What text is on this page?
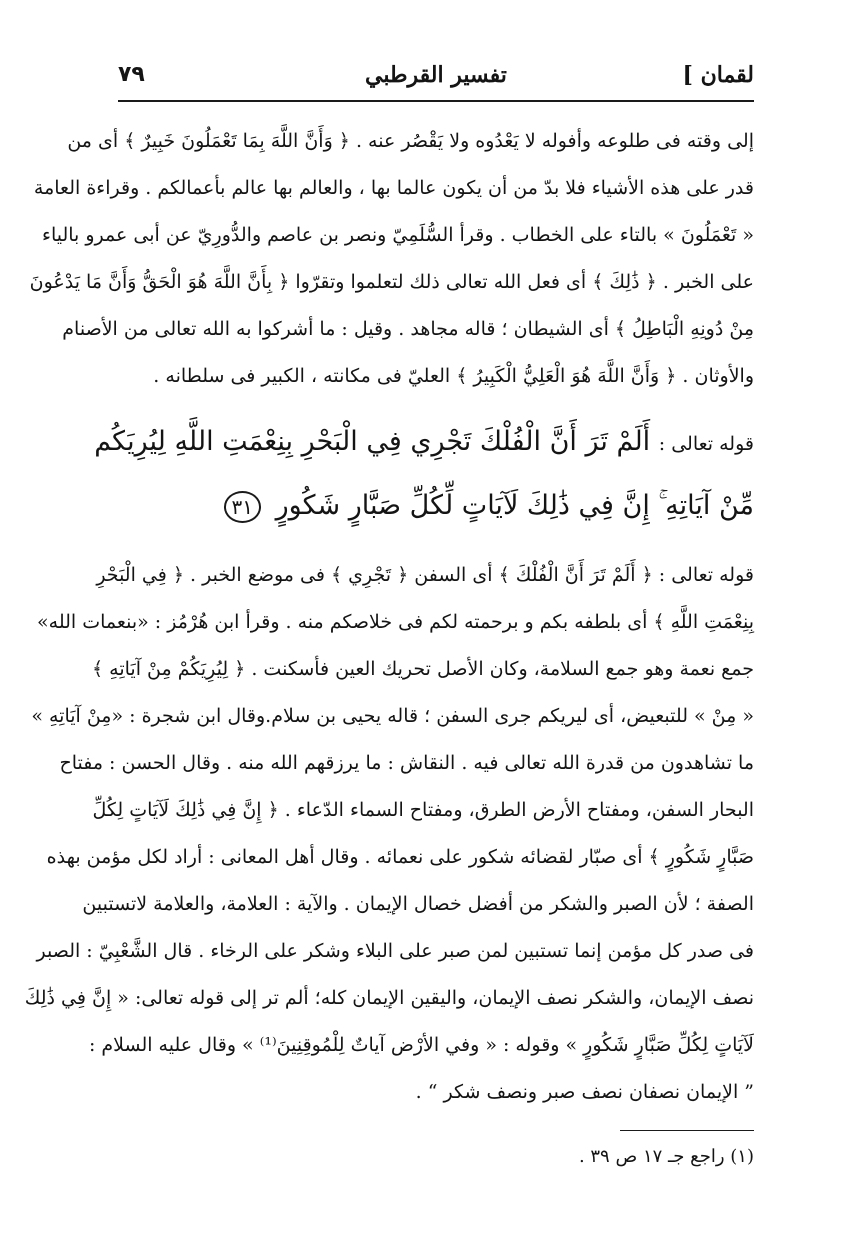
لقمان ]
تفسير القرطبي
٧٩
إلى وقته فى طلوعه وأفوله لا يَعْدُوه ولا يَقْصُر عنه . ﴿ وَأَنَّ اللَّهَ بِمَا تَعْمَلُونَ خَبِيرٌ ﴾ أى من
قدر على هذه الأشياء فلا بدّ من أن يكون عالما بها ، والعالم بها عالم بأعمالكم . وقراءة العامة
« تَعْمَلُونَ » بالتاء على الخطاب . وقرأ السُّلَمِيّ ونصر بن عاصم والدُّورِيّ عن أبى عمرو بالياء
على الخبر . ﴿ ذَٰلِكَ ﴾ أى فعل الله تعالى ذلك لتعلموا وتقرّوا ﴿ بِأَنَّ اللَّهَ هُوَ الْحَقُّ وَأَنَّ مَا يَدْعُونَ
مِنْ دُونِهِ الْبَاطِلُ ﴾ أى الشيطان ؛ قاله مجاهد . وقيل : ما أشركوا به الله تعالى من الأصنام
والأوثان . ﴿ وَأَنَّ اللَّهَ هُوَ الْعَلِيُّ الْكَبِيرُ ﴾ العليّ فى مكانته ، الكبير فى سلطانه .
قوله تعالى : أَلَمْ تَرَ أَنَّ الْفُلْكَ تَجْرِي فِي الْبَحْرِ بِنِعْمَتِ اللَّهِ لِيُرِيَكُم
مِّنْ آيَاتِهِ ۚ إِنَّ فِي ذَٰلِكَ لَآيَاتٍ لِّكُلِّ صَبَّارٍ شَكُورٍ ٣١
قوله تعالى : ﴿ أَلَمْ تَرَ أَنَّ الْفُلْكَ ﴾ أى السفن ﴿ تَجْرِي ﴾ فى موضع الخبر . ﴿ فِي الْبَحْرِ
بِنِعْمَتِ اللَّهِ ﴾ أى بلطفه بكم و برحمته لكم فى خلاصكم منه . وقرأ ابن هُرْمُز : «بنعمات الله»
جمع نعمة وهو جمع السلامة، وكان الأصل تحريك العين فأسكنت . ﴿ لِيُرِيَكُمْ مِنْ آيَاتِهِ ﴾
« مِنْ » للتبعيض، أى ليريكم جرى السفن ؛ قاله يحيى بن سلام.وقال ابن شجرة : «مِنْ آيَاتِهِ »
ما تشاهدون من قدرة الله تعالى فيه . النقاش : ما يرزقهم الله منه . وقال الحسن : مفتاح
البحار السفن، ومفتاح الأرض الطرق، ومفتاح السماء الدّعاء . ﴿ إِنَّ فِي ذَٰلِكَ لَآيَاتٍ لِكُلِّ
صَبَّارٍ شَكُورٍ ﴾ أى صبّار لقضائه شكور على نعمائه . وقال أهل المعانى : أراد لكل مؤمن بهذه
الصفة ؛ لأن الصبر والشكر من أفضل خصال الإيمان . والآية : العلامة، والعلامة لاتستبين
فى صدر كل مؤمن إنما تستبين لمن صبر على البلاء وشكر على الرخاء . قال الشَّعْبِيّ : الصبر
نصف الإيمان، والشكر نصف الإيمان، واليقين الإيمان كله؛ ألم تر إلى قوله تعالى: « إِنَّ فِي ذَٰلِكَ
لَآيَاتٍ لِكُلِّ صَبَّارٍ شَكُورٍ » وقوله : « وفي الأرْض آياتٌ لِلْمُوقِنِينَ⁽¹⁾ » وقال عليه السلام :
” الإيمان نصفان نصف صبر ونصف شكر “ .
(١) راجع جـ ١٧ ص ٣٩ .
